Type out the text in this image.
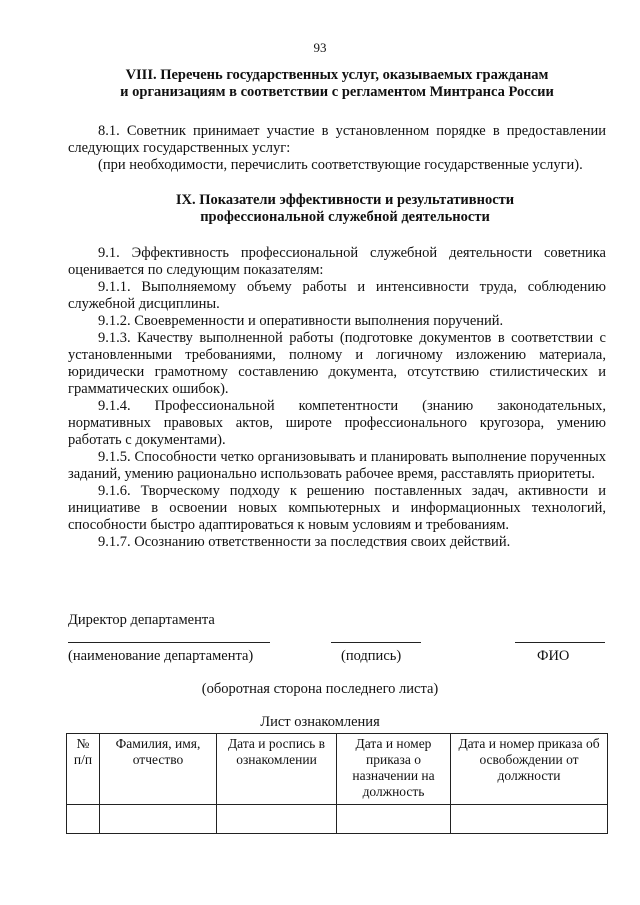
93
VIII. Перечень государственных услуг, оказываемых гражданам
и организациям в соответствии с регламентом Минтранса России

8.1. Советник принимает участие в установленном порядке в предоставлении следующих государственных услуг:

(при необходимости, перечислить соответствующие государственные услуги).

IX. Показатели эффективности и результативности
профессиональной служебной деятельности

9.1. Эффективность профессиональной служебной деятельности советника оценивается по следующим показателям:

9.1.1. Выполняемому объему работы и интенсивности труда, соблюдению служебной дисциплины.

9.1.2. Своевременности и оперативности выполнения поручений.

9.1.3. Качеству выполненной работы (подготовке документов в соответствии с установленными требованиями, полному и логичному изложению материала, юридически грамотному составлению документа, отсутствию стилистических и грамматических ошибок).

9.1.4. Профессиональной компетентности (знанию законодательных, нормативных правовых актов, широте профессионального кругозора, умению работать с документами).

9.1.5. Способности четко организовывать и планировать выполнение порученных заданий, умению рационально использовать рабочее время, расставлять приоритеты.

9.1.6. Творческому подходу к решению поставленных задач, активности и инициативе в освоении новых компьютерных и информационных технологий, способности быстро адаптироваться к новым условиям и требованиям.

9.1.7. Осознанию ответственности за последствия своих действий.

Директор департамента
(наименование департамента)	(подпись)	ФИО
(оборотная сторона последнего листа)
Лист ознакомления
№ п/п	Фамилия, имя, отчество	Дата и роспись в ознакомлении	Дата и номер приказа о назначении на должность	Дата и номер приказа об освобождении от должности
